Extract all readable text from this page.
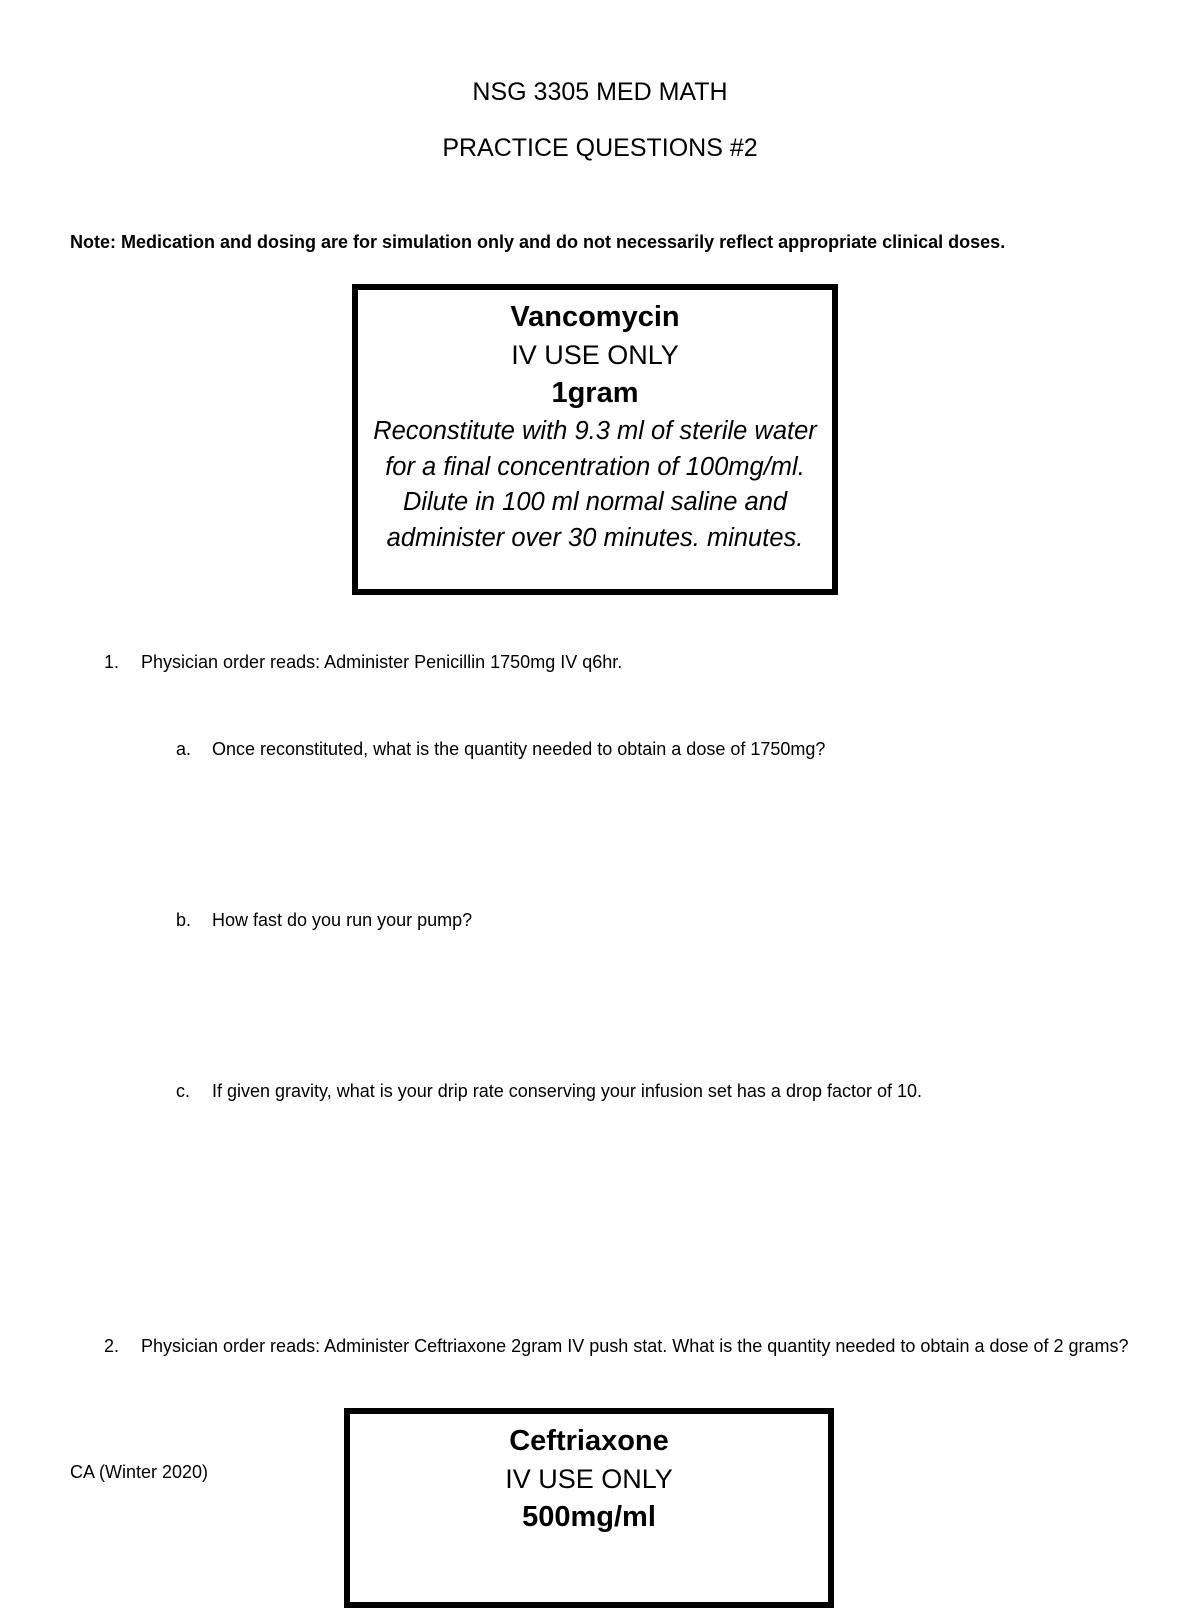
NSG 3305 MED MATH
PRACTICE QUESTIONS #2
Note: Medication and dosing are for simulation only and do not necessarily reflect appropriate clinical doses.
Vancomycin
IV USE ONLY
1gram
Reconstitute with 9.3 ml of sterile water for a final concentration of 100mg/ml. Dilute in 100 ml normal saline and administer over 30 minutes. minutes.
1. Physician order reads: Administer Penicillin 1750mg IV q6hr.
a. Once reconstituted, what is the quantity needed to obtain a dose of 1750mg?
b. How fast do you run your pump?
c. If given gravity, what is your drip rate conserving your infusion set has a drop factor of 10.
2. Physician order reads: Administer Ceftriaxone 2gram IV push stat. What is the quantity needed to obtain a dose of 2 grams?
Ceftriaxone
IV USE ONLY
500mg/ml
CA (Winter 2020)
